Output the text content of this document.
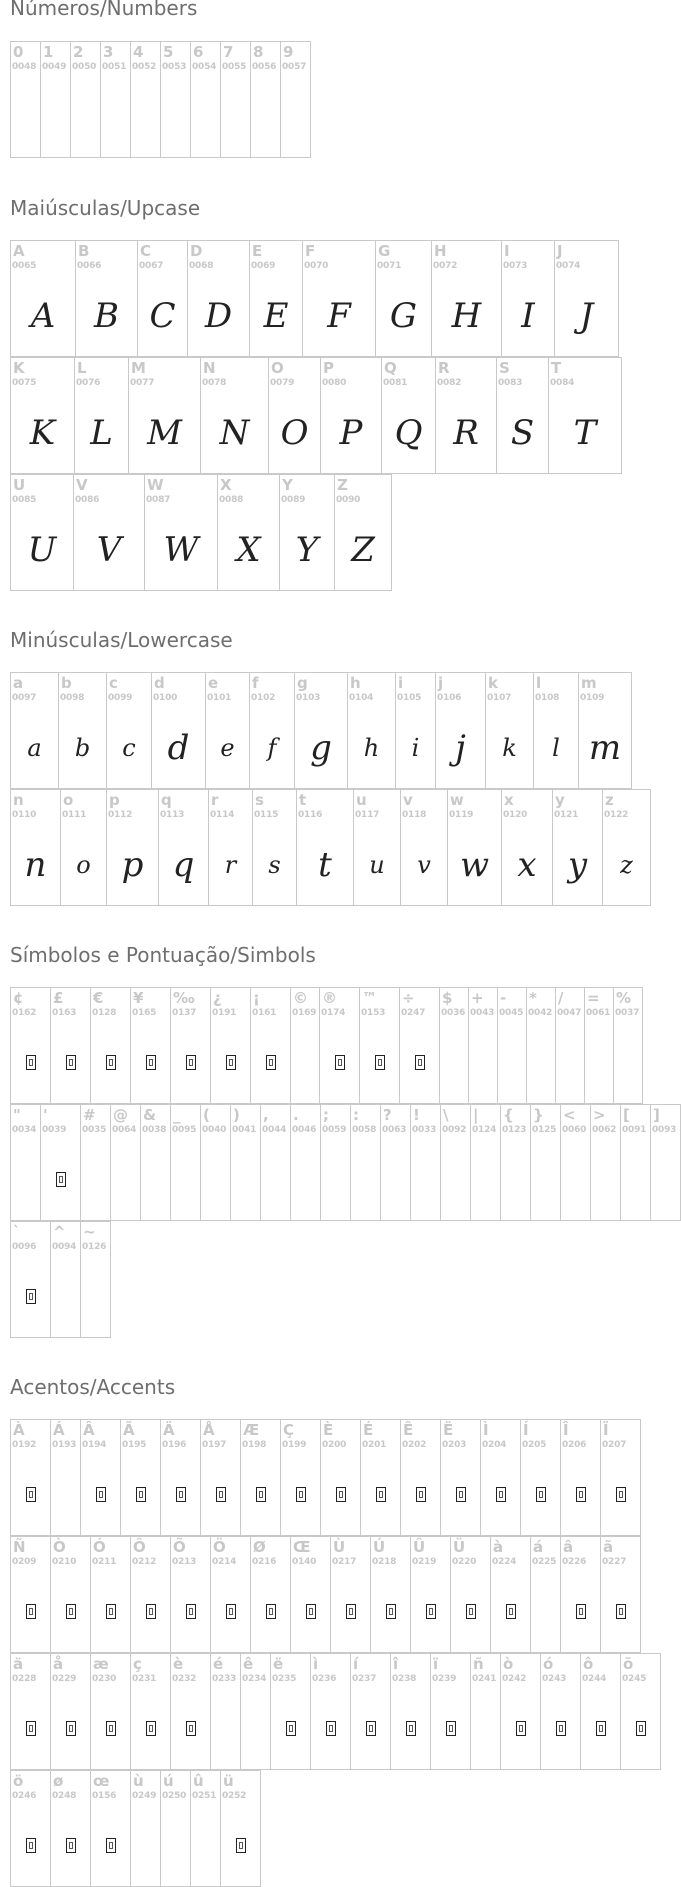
Números/Numbers
Maiúsculas/Upcase
Minúsculas/Lowercase
Símbolos e Pontuação/Simbols
Acentos/Accents
0
0048
1
0049
2
0050
3
0051
4
0052
5
0053
6
0054
7
0055
8
0056
9
0057
A
0065
A
B
0066
B
C
0067
C
D
0068
D
E
0069
E
F
0070
F
G
0071
G
H
0072
H
I
0073
I
J
0074
J
K
0075
K
L
0076
L
M
0077
M
N
0078
N
O
0079
O
P
0080
P
Q
0081
Q
R
0082
R
S
0083
S
T
0084
T
U
0085
U
V
0086
V
W
0087
W
X
0088
X
Y
0089
Y
Z
0090
Z
a
0097
a
b
0098
b
c
0099
c
d
0100
d
e
0101
e
f
0102
f
g
0103
g
h
0104
h
i
0105
i
j
0106
j
k
0107
k
l
0108
l
m
0109
m
n
0110
n
o
0111
o
p
0112
p
q
0113
q
r
0114
r
s
0115
s
t
0116
t
u
0117
u
v
0118
v
w
0119
w
x
0120
x
y
0121
y
z
0122
z
¢
0162
£
0163
€
0128
¥
0165
‰
0137
¿
0191
¡
0161
©
0169
®
0174
™
0153
÷
0247
$
0036
+
0043
-
0045
*
0042
/
0047
=
0061
%
0037
"
0034
'
0039
#
0035
@
0064
&
0038
_
0095
(
0040
)
0041
,
0044
.
0046
;
0059
:
0058
?
0063
!
0033
\
0092
|
0124
{
0123
}
0125
<
0060
>
0062
[
0091
]
0093
`
0096
^
0094
~
0126
À
0192
Á
0193
Â
0194
Ã
0195
Ä
0196
Å
0197
Æ
0198
Ç
0199
È
0200
É
0201
Ê
0202
Ë
0203
Ì
0204
Í
0205
Î
0206
Ï
0207
Ñ
0209
Ò
0210
Ó
0211
Ô
0212
Õ
0213
Ö
0214
Ø
0216
Œ
0140
Ù
0217
Ú
0218
Û
0219
Ü
0220
à
0224
á
0225
â
0226
ã
0227
ä
0228
å
0229
æ
0230
ç
0231
è
0232
é
0233
ê
0234
ë
0235
ì
0236
í
0237
î
0238
ï
0239
ñ
0241
ò
0242
ó
0243
ô
0244
õ
0245
ö
0246
ø
0248
œ
0156
ù
0249
ú
0250
û
0251
ü
0252
